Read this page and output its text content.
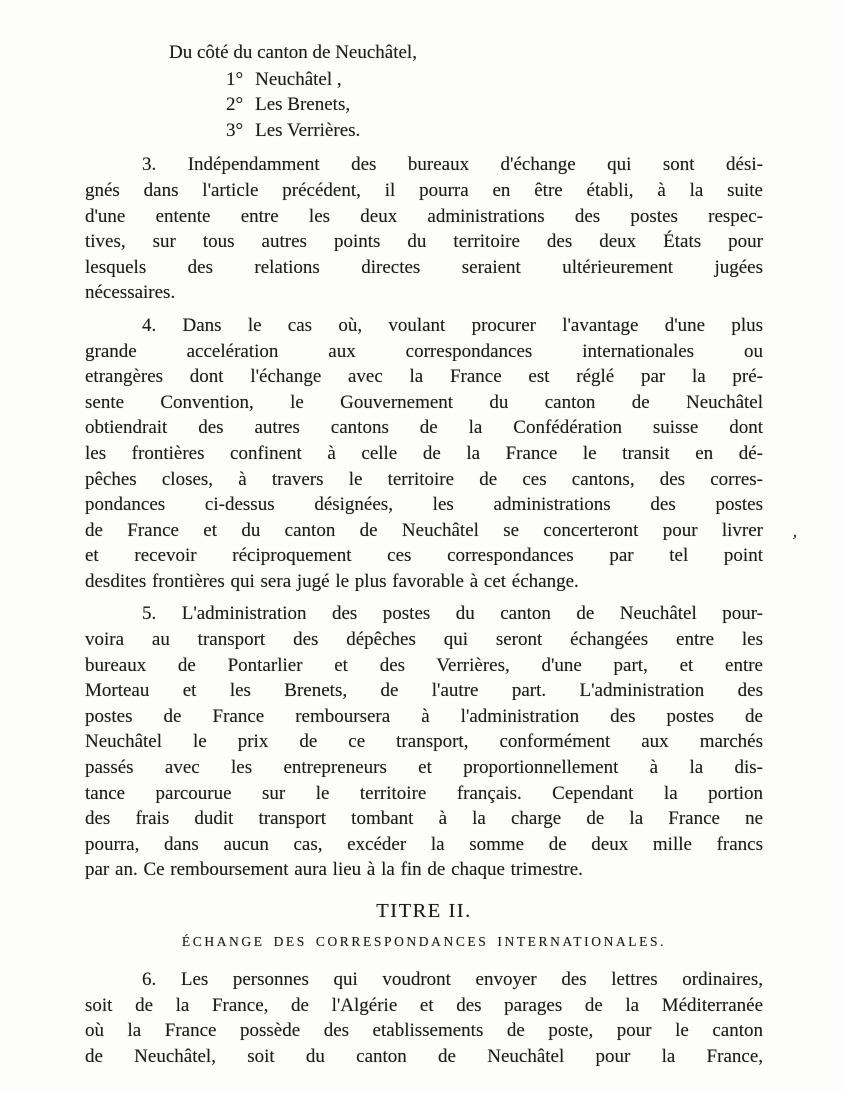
Du côté du canton de Neuchâtel,
1° Neuchâtel ,
2° Les Brenets,
3° Les Verrières.
3. Indépendamment des bureaux d'échange qui sont dési-
gnés dans l'article précédent, il pourra en être établi, à la suite
d'une entente entre les deux administrations des postes respec-
tives, sur tous autres points du territoire des deux États pour
lesquels des relations directes seraient ultérieurement jugées
nécessaires.
4. Dans le cas où, voulant procurer l'avantage d'une plus
grande accelération aux correspondances internationales ou
etrangères dont l'échange avec la France est réglé par la pré-
sente Convention, le Gouvernement du canton de Neuchâtel
obtiendrait des autres cantons de la Confédération suisse dont
les frontières confinent à celle de la France le transit en dé-
pêches closes, à travers le territoire de ces cantons, des corres-
pondances ci-dessus désignées, les administrations des postes
de France et du canton de Neuchâtel se concerteront pour livrer
et recevoir réciproquement ces correspondances par tel point
desdites frontières qui sera jugé le plus favorable à cet échange.
5. L'administration des postes du canton de Neuchâtel pour-
voira au transport des dépêches qui seront échangées entre les
bureaux de Pontarlier et des Verrières, d'une part, et entre
Morteau et les Brenets, de l'autre part. L'administration des
postes de France remboursera à l'administration des postes de
Neuchâtel le prix de ce transport, conformément aux marchés
passés avec les entrepreneurs et proportionnellement à la dis-
tance parcourue sur le territoire français. Cependant la portion
des frais dudit transport tombant à la charge de la France ne
pourra, dans aucun cas, excéder la somme de deux mille francs
par an. Ce remboursement aura lieu à la fin de chaque trimestre.
TITRE II.
ÉCHANGE DES CORRESPONDANCES INTERNATIONALES.
6. Les personnes qui voudront envoyer des lettres ordinaires,
soit de la France, de l'Algérie et des parages de la Méditerranée
où la France possède des etablissements de poste, pour le canton
de Neuchâtel, soit du canton de Neuchâtel pour la France,
’
